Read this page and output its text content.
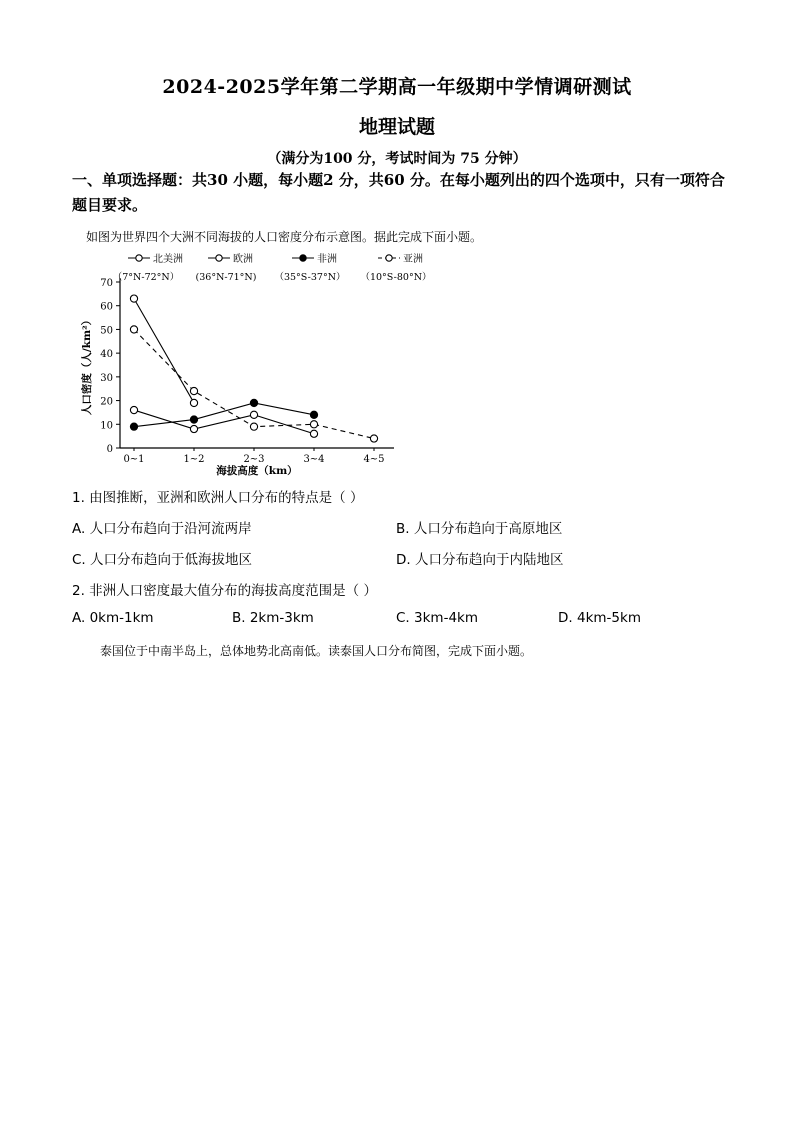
2024-2025学年第二学期高一年级期中学情调研测试
地理试题
（满分为100 分，考试时间为 75 分钟）
一、单项选择题：共30 小题，每小题2 分，共60 分。在每小题列出的四个选项中，只有一项符合题目要求。
如图为世界四个大洲不同海拔的人口密度分布示意图。据此完成下面小题。
0
10
20
30
40
50
60
70
0~1	1~2	2~3	3~4	4~5
海拔高度（km）
人口密度（人/km²）
北美洲
（7°N-72°N）
欧洲
(36°N-71°N)
非洲
（35°S-37°N）
亚洲
（10°S-80°N）
1. 由图推断，亚洲和欧洲人口分布的特点是（ ）
A. 人口分布趋向于沿河流两岸	B. 人口分布趋向于高原地区
C. 人口分布趋向于低海拔地区	D. 人口分布趋向于内陆地区
2. 非洲人口密度最大值分布的海拔高度范围是（ ）
A. 0km-1km	B. 2km-3km	C. 3km-4km	D. 4km-5km
泰国位于中南半岛上，总体地势北高南低。读泰国人口分布简图，完成下面小题。
